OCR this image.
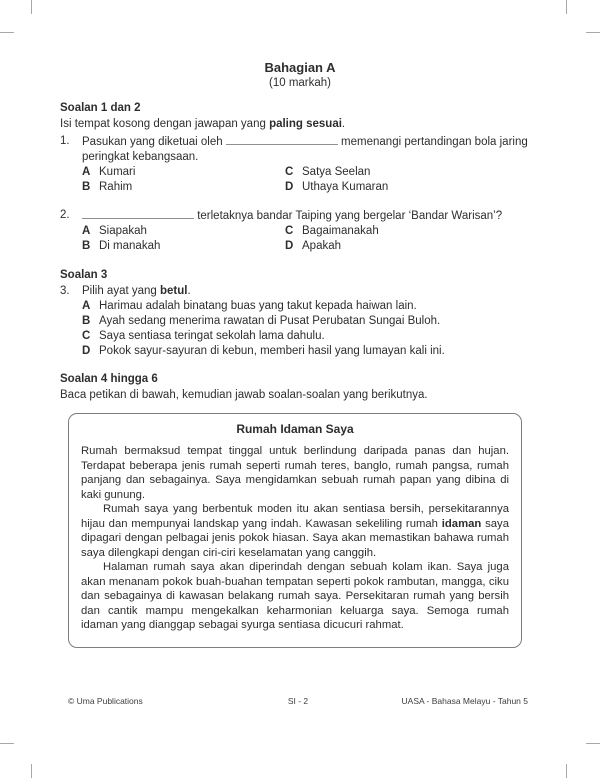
Bahagian A
(10 markah)
Soalan 1 dan 2
Isi tempat kosong dengan jawapan yang paling sesuai.
1.	Pasukan yang diketuai oleh	memenangi pertandingan bola jaring peringkat kebangsaan.
A Kumari
B Rahim
C Satya Seelan
D Uthaya Kumaran
2.	terletaknya bandar Taiping yang bergelar ‘Bandar Warisan’?
A Siapakah
B Di manakah
C Bagaimanakah
D Apakah
Soalan 3
3.	Pilih ayat yang betul.
A Harimau adalah binatang buas yang takut kepada haiwan lain.
B Ayah sedang menerima rawatan di Pusat Perubatan Sungai Buloh.
C Saya sentiasa teringat sekolah lama dahulu.
D Pokok sayur-sayuran di kebun, memberi hasil yang lumayan kali ini.
Soalan 4 hingga 6
Baca petikan di bawah, kemudian jawab soalan-soalan yang berikutnya.
Rumah Idaman Saya
Rumah bermaksud tempat tinggal untuk berlindung daripada panas dan hujan. Terdapat beberapa jenis rumah seperti rumah teres, banglo, rumah pangsa, rumah panjang dan sebagainya. Saya mengidamkan sebuah rumah papan yang dibina di kaki gunung.
Rumah saya yang berbentuk moden itu akan sentiasa bersih, persekitarannya hijau dan mempunyai landskap yang indah. Kawasan sekeliling rumah idaman saya dipagari dengan pelbagai jenis pokok hiasan. Saya akan memastikan bahawa rumah saya dilengkapi dengan ciri-ciri keselamatan yang canggih.
Halaman rumah saya akan diperindah dengan sebuah kolam ikan. Saya juga akan menanam pokok buah-buahan tempatan seperti pokok rambutan, mangga, ciku dan sebagainya di kawasan belakang rumah saya. Persekitaran rumah yang bersih dan cantik mampu mengekalkan keharmonian keluarga saya. Semoga rumah idaman yang dianggap sebagai syurga sentiasa dicucuri rahmat.
© Uma Publications	SI - 2	UASA - Bahasa Melayu - Tahun 5
